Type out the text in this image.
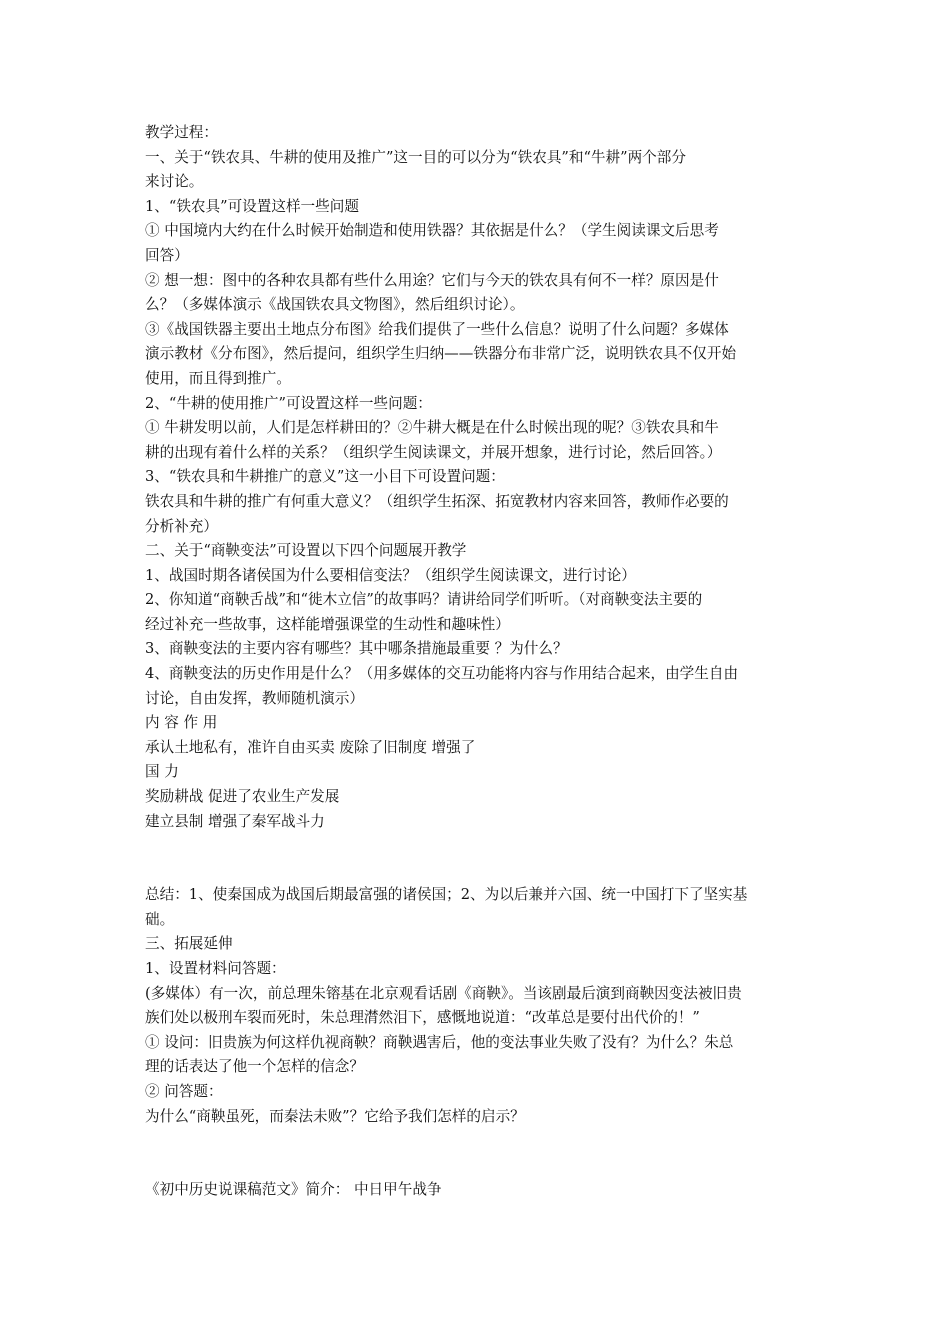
教学过程：
一、关于“铁农具、牛耕的使用及推广”这一目的可以分为“铁农具”和“牛耕”两个部分
来讨论。
1、“铁农具”可设置这样一些问题
① 中国境内大约在什么时候开始制造和使用铁器？其依据是什么？（学生阅读课文后思考
回答）
② 想一想：图中的各种农具都有些什么用途？它们与今天的铁农具有何不一样？原因是什
么？（多媒体演示《战国铁农具文物图》，然后组织讨论）。
③《战国铁器主要出土地点分布图》给我们提供了一些什么信息？说明了什么问题？多媒体
演示教材《分布图》，然后提问，组织学生归纳——铁器分布非常广泛，说明铁农具不仅开始
使用，而且得到推广。
2、“牛耕的使用推广”可设置这样一些问题：
① 牛耕发明以前，人们是怎样耕田的？②牛耕大概是在什么时候出现的呢？③铁农具和牛
耕的出现有着什么样的关系？（组织学生阅读课文，并展开想象，进行讨论，然后回答。）
3、“铁农具和牛耕推广的意义”这一小目下可设置问题：
铁农具和牛耕的推广有何重大意义？（组织学生拓深、拓宽教材内容来回答，教师作必要的
分析补充）
二、关于“商鞅变法”可设置以下四个问题展开教学
1、战国时期各诸侯国为什么要相信变法？（组织学生阅读课文，进行讨论）
2、你知道“商鞅舌战”和“徙木立信”的故事吗？请讲给同学们听听。（对商鞅变法主要的
经过补充一些故事，这样能增强课堂的生动性和趣味性）
3、商鞅变法的主要内容有哪些？其中哪条措施最重要 ？为什么？
4、商鞅变法的历史作用是什么？（用多媒体的交互功能将内容与作用结合起来，由学生自由
讨论，自由发挥，教师随机演示）
内 容 作 用
承认土地私有，准许自由买卖 废除了旧制度 增强了
国 力
奖励耕战 促进了农业生产发展
建立县制 增强了秦军战斗力
总结：1、使秦国成为战国后期最富强的诸侯国；2、为以后兼并六国、统一中国打下了坚实基
础。
三、拓展延伸
1、设置材料问答题：
(多媒体）有一次，前总理朱镕基在北京观看话剧《商鞅》。当该剧最后演到商鞅因变法被旧贵
族们处以极刑车裂而死时，朱总理潸然泪下，感慨地说道：“改革总是要付出代价的！”
① 设问：旧贵族为何这样仇视商鞅？商鞅遇害后，他的变法事业失败了没有？为什么？朱总
理的话表达了他一个怎样的信念？
② 问答题：
为什么“商鞅虽死，而秦法未败”？它给予我们怎样的启示？
《初中历史说课稿范文》简介： 中日甲午战争
